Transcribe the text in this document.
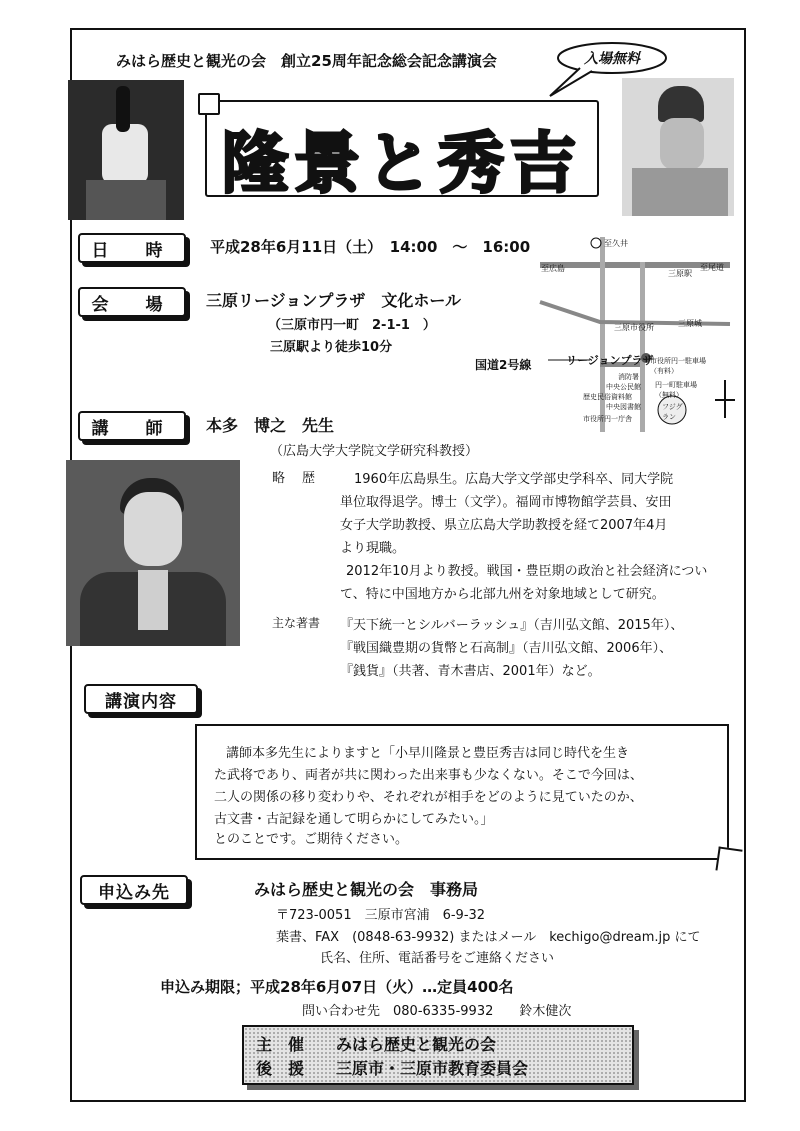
みはら歴史と観光の会　創立25周年記念総会記念講演会	入場無料
隆景と秀吉
日　時	平成28年6月11日（土）　14:00　～　16:00
会　場	三原リージョンプラザ　文化ホール
（三原市円一町　2-1-1　）
三原駅より徒歩10分
至久井
至広島
三原駅
至尾道
三原市役所	三原城
国道2号線	リージョンプラザ
市役所円一駐車場（有料）
円一町駐車場（無料）
消防署
中央公民館
歴史民俗資料館
中央図書館
市役所円一庁舎
フジグラン
講　師	本多　博之　先生
（広島大学大学院文学研究科教授）
略　歴	1960年広島県生。広島大学文学部史学科卒、同大学院
単位取得退学。博士（文学）。福岡市博物館学芸員、安田
女子大学助教授、県立広島大学助教授を経て2007年4月
より現職。
2012年10月より教授。戦国・豊臣期の政治と社会経済につい
て、特に中国地方から北部九州を対象地域として研究。
主な著書 『天下統一とシルバーラッシュ』（吉川弘文館、2015年）、
『戦国織豊期の貨幣と石高制』（吉川弘文館、2006年）、
『銭貨』（共著、青木書店、2001年）など。
講演内容
講師本多先生によりますと「小早川隆景と豊臣秀吉は同じ時代を生き
た武将であり、両者が共に関わった出来事も少なくない。そこで今回は、
二人の関係の移り変わりや、それぞれが相手をどのように見ていたのか、
古文書・古記録を通して明らかにしてみたい。」
とのことです。ご期待ください。
申込み先	みはら歴史と観光の会　事務局
〒723-0051　三原市宮浦　6-9-32
葉書、FAX　(0848-63-9932) またはメール　kechigo@dream.jp にて
氏名、住所、電話番号をご連絡ください
申込み期限；平成28年6月07日（火）…定員400名
問い合わせ先　080-6335-9932　　鈴木健次
主　催 みはら歴史と観光の会
後　援 三原市・三原市教育委員会
